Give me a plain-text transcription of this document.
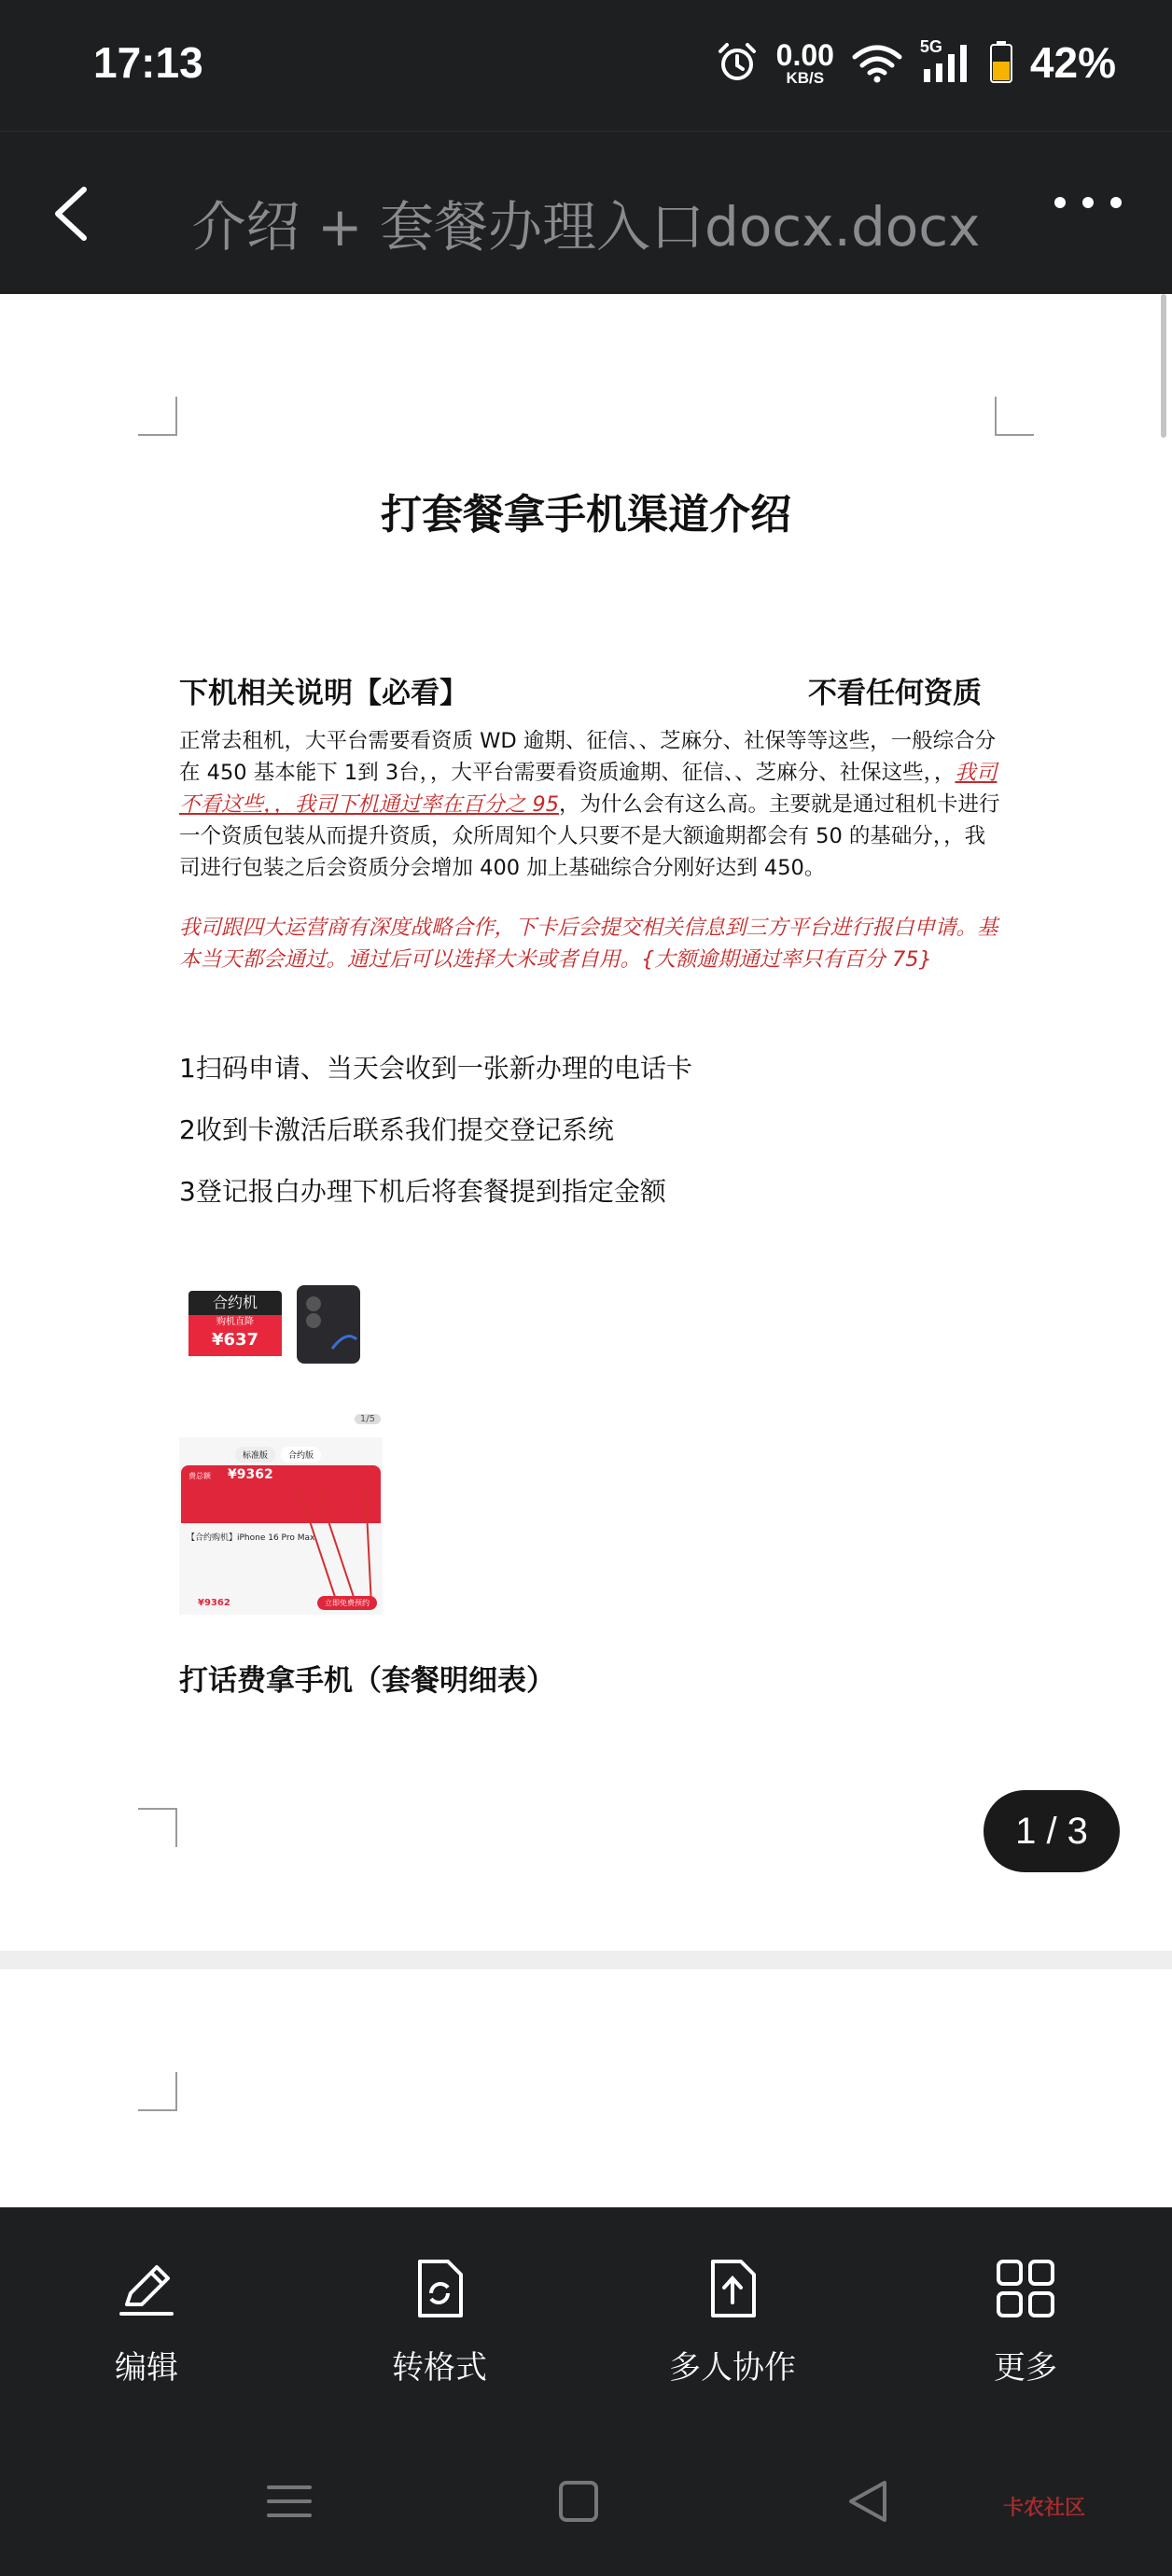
17:13	0.00
KB/S
5G 42%
介绍 + 套餐办理入口docx.docx
打套餐拿手机渠道介绍
下机相关说明【必看】	不看任何资质
正常去租机，大平台需要看资质 WD 逾期、征信、、芝麻分、社保等等这些，一般综合分在 450 基本能下 1到 3台，，大平台需要看资质逾期、征信、、芝麻分、社保这些，，我司不看这些，，我司下机通过率在百分之 95，为什么会有这么高。主要就是通过租机卡进行一个资质包装从而提升资质，众所周知个人只要不是大额逾期都会有 50 的基础分，，我司进行包装之后会资质分会增加 400 加上基础综合分刚好达到 450。
我司跟四大运营商有深度战略合作，下卡后会提交相关信息到三方平台进行报白申请。基本当天都会通过。通过后可以选择大米或者自用。{大额逾期通过率只有百分 75}
1扫码申请、当天会收到一张新办理的电话卡
2收到卡激活后联系我们提交登记系统
3登记报白办理下机后将套餐提到指定金额
合约机
购机直降
¥637
1/5
标准版	合约版
费总额 ¥9362
【合约购机】iPhone 16 Pro Max
¥9362	立即免费预约
打话费拿手机（套餐明细表）
1 / 3
编辑	转格式	多人协作	更多
卡农社区
